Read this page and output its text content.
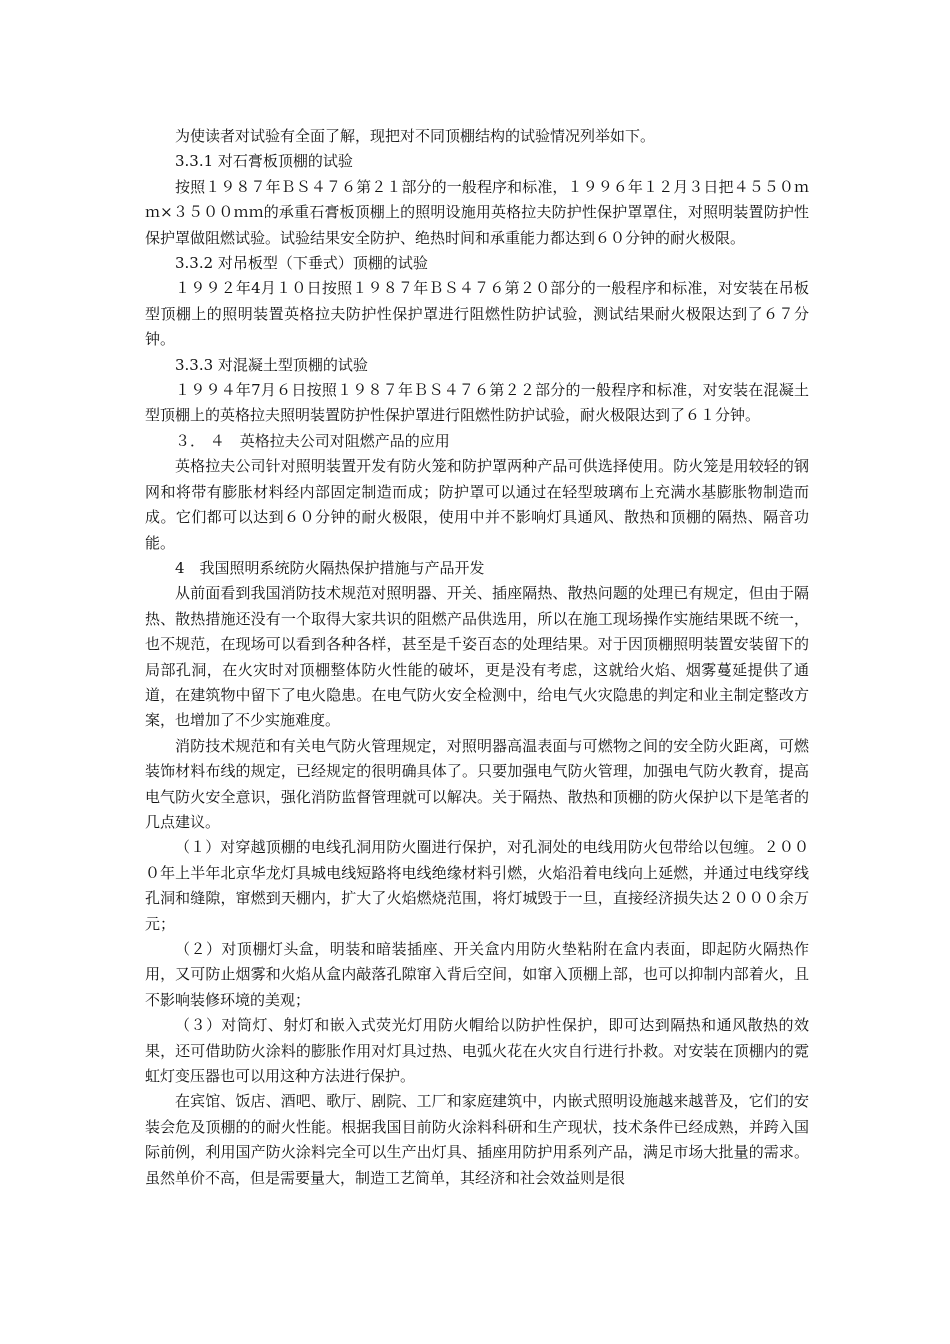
为使读者对试验有全面了解，现把对不同顶棚结构的试验情况列举如下。

3.3.1 对石膏板顶棚的试验

按照１９８７年ＢＳ４７６第２１部分的一般程序和标准，１９９６年１２月３日把４５５０ｍｍ×３５００ｍｍ的承重石膏板顶棚上的照明设施用英格拉夫防护性保护罩罩住，对照明装置防护性保护罩做阻燃试验。试验结果安全防护、绝热时间和承重能力都达到６０分钟的耐火极限。

3.3.2 对吊板型（下垂式）顶棚的试验

１９９２年4月１０日按照１９８７年ＢＳ４７６第２０部分的一般程序和标准，对安装在吊板型顶棚上的照明装置英格拉夫防护性保护罩进行阻燃性防护试验，测试结果耐火极限达到了６７分钟。

3.3.3 对混凝土型顶棚的试验

１９９４年7月６日按照１９８７年ＢＳ４７６第２２部分的一般程序和标准，对安装在混凝土型顶棚上的英格拉夫照明装置防护性保护罩进行阻燃性防护试验，耐火极限达到了６１分钟。

３． ４　英格拉夫公司对阻燃产品的应用

英格拉夫公司针对照明装置开发有防火笼和防护罩两种产品可供选择使用。防火笼是用较轻的钢网和将带有膨胀材料经内部固定制造而成；防护罩可以通过在轻型玻璃布上充满水基膨胀物制造而成。它们都可以达到６０分钟的耐火极限，使用中并不影响灯具通风、散热和顶棚的隔热、隔音功能。

4　我国照明系统防火隔热保护措施与产品开发

从前面看到我国消防技术规范对照明器、开关、插座隔热、散热问题的处理已有规定，但由于隔热、散热措施还没有一个取得大家共识的阻燃产品供选用，所以在施工现场操作实施结果既不统一，也不规范，在现场可以看到各种各样，甚至是千姿百态的处理结果。对于因顶棚照明装置安装留下的局部孔洞，在火灾时对顶棚整体防火性能的破坏，更是没有考虑，这就给火焰、烟雾蔓延提供了通道，在建筑物中留下了电火隐患。在电气防火安全检测中，给电气火灾隐患的判定和业主制定整改方案，也增加了不少实施难度。

消防技术规范和有关电气防火管理规定，对照明器高温表面与可燃物之间的安全防火距离，可燃装饰材料布线的规定，已经规定的很明确具体了。只要加强电气防火管理，加强电气防火教育，提高电气防火安全意识，强化消防监督管理就可以解决。关于隔热、散热和顶棚的防火保护以下是笔者的几点建议。

（１）对穿越顶棚的电线孔洞用防火圈进行保护，对孔洞处的电线用防火包带给以包缠。２０００年上半年北京华龙灯具城电线短路将电线绝缘材料引燃，火焰沿着电线向上延燃，并通过电线穿线孔洞和缝隙，窜燃到天棚内，扩大了火焰燃烧范围，将灯城毁于一旦，直接经济损失达２０００余万元；

（２）对顶棚灯头盒，明装和暗装插座、开关盒内用防火垫粘附在盒内表面，即起防火隔热作用，又可防止烟雾和火焰从盒内敲落孔隙窜入背后空间，如窜入顶棚上部，也可以抑制内部着火，且不影响装修环境的美观；

（３）对筒灯、射灯和嵌入式荧光灯用防火帽给以防护性保护，即可达到隔热和通风散热的效果，还可借助防火涂料的膨胀作用对灯具过热、电弧火花在火灾自行进行扑救。对安装在顶棚内的霓虹灯变压器也可以用这种方法进行保护。

在宾馆、饭店、酒吧、歌厅、剧院、工厂和家庭建筑中，内嵌式照明设施越来越普及，它们的安装会危及顶棚的的耐火性能。根据我国目前防火涂料科研和生产现状，技术条件已经成熟，并跨入国际前例，利用国产防火涂料完全可以生产出灯具、插座用防护用系列产品，满足市场大批量的需求。虽然单价不高，但是需要量大，制造工艺简单，其经济和社会效益则是很
